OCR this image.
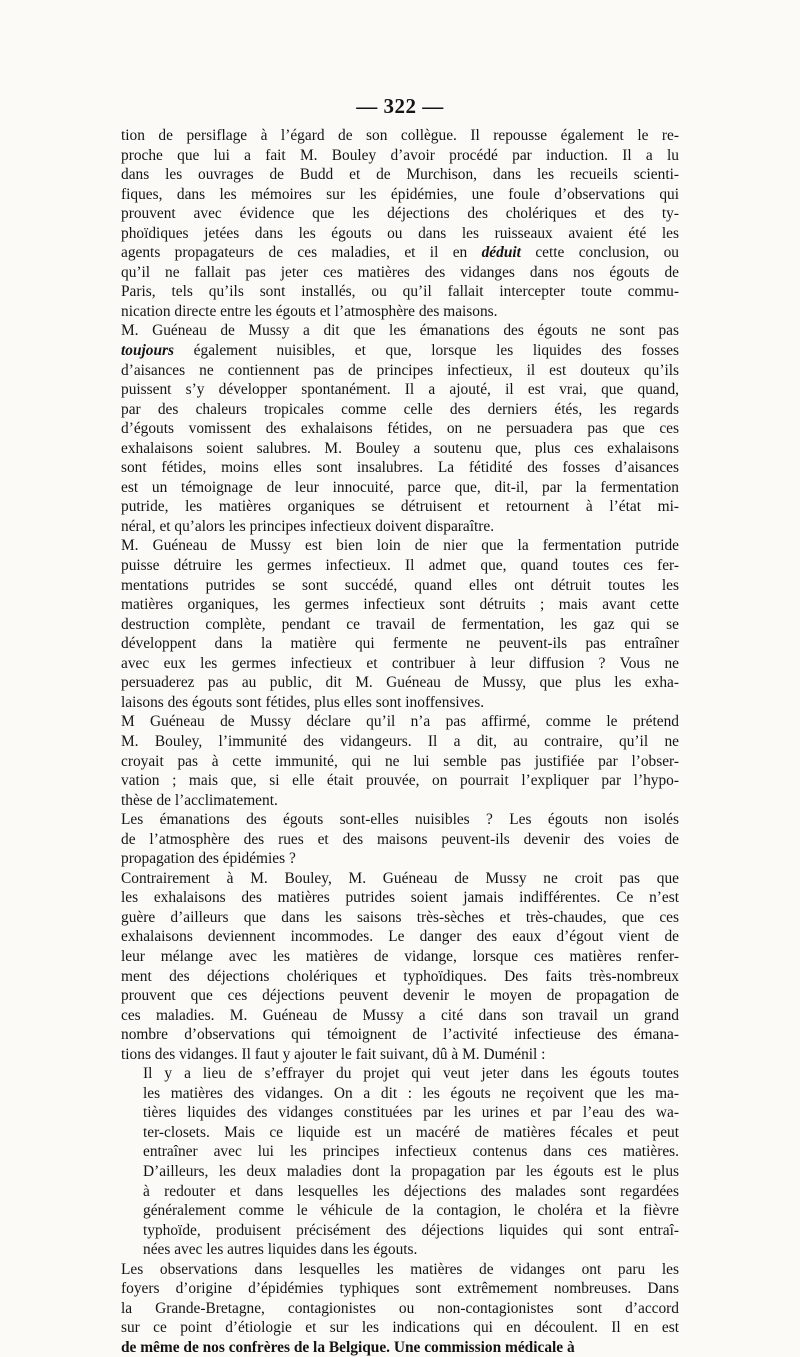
— 322 —
tion de persiflage à l’égard de son collègue. Il repousse également le re-
proche que lui a fait M. Bouley d’avoir procédé par induction. Il a lu
dans les ouvrages de Budd et de Murchison, dans les recueils scienti-
fiques, dans les mémoires sur les épidémies, une foule d’observations qui
prouvent avec évidence que les déjections des cholériques et des ty-
phoïdiques jetées dans les égouts ou dans les ruisseaux avaient été les
agents propagateurs de ces maladies, et il en déduit cette conclusion, ou
qu’il ne fallait pas jeter ces matières des vidanges dans nos égouts de
Paris, tels qu’ils sont installés, ou qu’il fallait intercepter toute commu-
nication directe entre les égouts et l’atmosphère des maisons.
M. Guéneau de Mussy a dit que les émanations des égouts ne sont pas
toujours également nuisibles, et que, lorsque les liquides des fosses
d’aisances ne contiennent pas de principes infectieux, il est douteux qu’ils
puissent s’y développer spontanément. Il a ajouté, il est vrai, que quand,
par des chaleurs tropicales comme celle des derniers étés, les regards
d’égouts vomissent des exhalaisons fétides, on ne persuadera pas que ces
exhalaisons soient salubres. M. Bouley a soutenu que, plus ces exhalaisons
sont fétides, moins elles sont insalubres. La fétidité des fosses d’aisances
est un témoignage de leur innocuité, parce que, dit-il, par la fermentation
putride, les matières organiques se détruisent et retournent à l’état mi-
néral, et qu’alors les principes infectieux doivent disparaître.
M. Guéneau de Mussy est bien loin de nier que la fermentation putride
puisse détruire les germes infectieux. Il admet que, quand toutes ces fer-
mentations putrides se sont succédé, quand elles ont détruit toutes les
matières organiques, les germes infectieux sont détruits ; mais avant cette
destruction complète, pendant ce travail de fermentation, les gaz qui se
développent dans la matière qui fermente ne peuvent-ils pas entraîner
avec eux les germes infectieux et contribuer à leur diffusion ? Vous ne
persuaderez pas au public, dit M. Guéneau de Mussy, que plus les exha-
laisons des égouts sont fétides, plus elles sont inoffensives.
M Guéneau de Mussy déclare qu’il n’a pas affirmé, comme le prétend
M. Bouley, l’immunité des vidangeurs. Il a dit, au contraire, qu’il ne
croyait pas à cette immunité, qui ne lui semble pas justifiée par l’obser-
vation ; mais que, si elle était prouvée, on pourrait l’expliquer par l’hypo-
thèse de l’acclimatement.
Les émanations des égouts sont-elles nuisibles ? Les égouts non isolés
de l’atmosphère des rues et des maisons peuvent-ils devenir des voies de
propagation des épidémies ?
Contrairement à M. Bouley, M. Guéneau de Mussy ne croit pas que
les exhalaisons des matières putrides soient jamais indifférentes. Ce n’est
guère d’ailleurs que dans les saisons très-sèches et très-chaudes, que ces
exhalaisons deviennent incommodes. Le danger des eaux d’égout vient de
leur mélange avec les matières de vidange, lorsque ces matières renfer-
ment des déjections cholériques et typhoïdiques. Des faits très-nombreux
prouvent que ces déjections peuvent devenir le moyen de propagation de
ces maladies. M. Guéneau de Mussy a cité dans son travail un grand
nombre d’observations qui témoignent de l’activité infectieuse des émana-
tions des vidanges. Il faut y ajouter le fait suivant, dû à M. Duménil :
Il y a lieu de s’effrayer du projet qui veut jeter dans les égouts toutes
les matières des vidanges. On a dit : les égouts ne reçoivent que les ma-
tières liquides des vidanges constituées par les urines et par l’eau des wa-
ter-closets. Mais ce liquide est un macéré de matières fécales et peut
entraîner avec lui les principes infectieux contenus dans ces matières.
D’ailleurs, les deux maladies dont la propagation par les égouts est le plus
à redouter et dans lesquelles les déjections des malades sont regardées
généralement comme le véhicule de la contagion, le choléra et la fièvre
typhoïde, produisent précisément des déjections liquides qui sont entraî-
nées avec les autres liquides dans les égouts.
Les observations dans lesquelles les matières de vidanges ont paru les
foyers d’origine d’épidémies typhiques sont extrêmement nombreuses. Dans
la Grande-Bretagne, contagionistes ou non-contagionistes sont d’accord
sur ce point d’étiologie et sur les indications qui en découlent. Il en est
de même de nos confrères de la Belgique. Une commission médicale à
